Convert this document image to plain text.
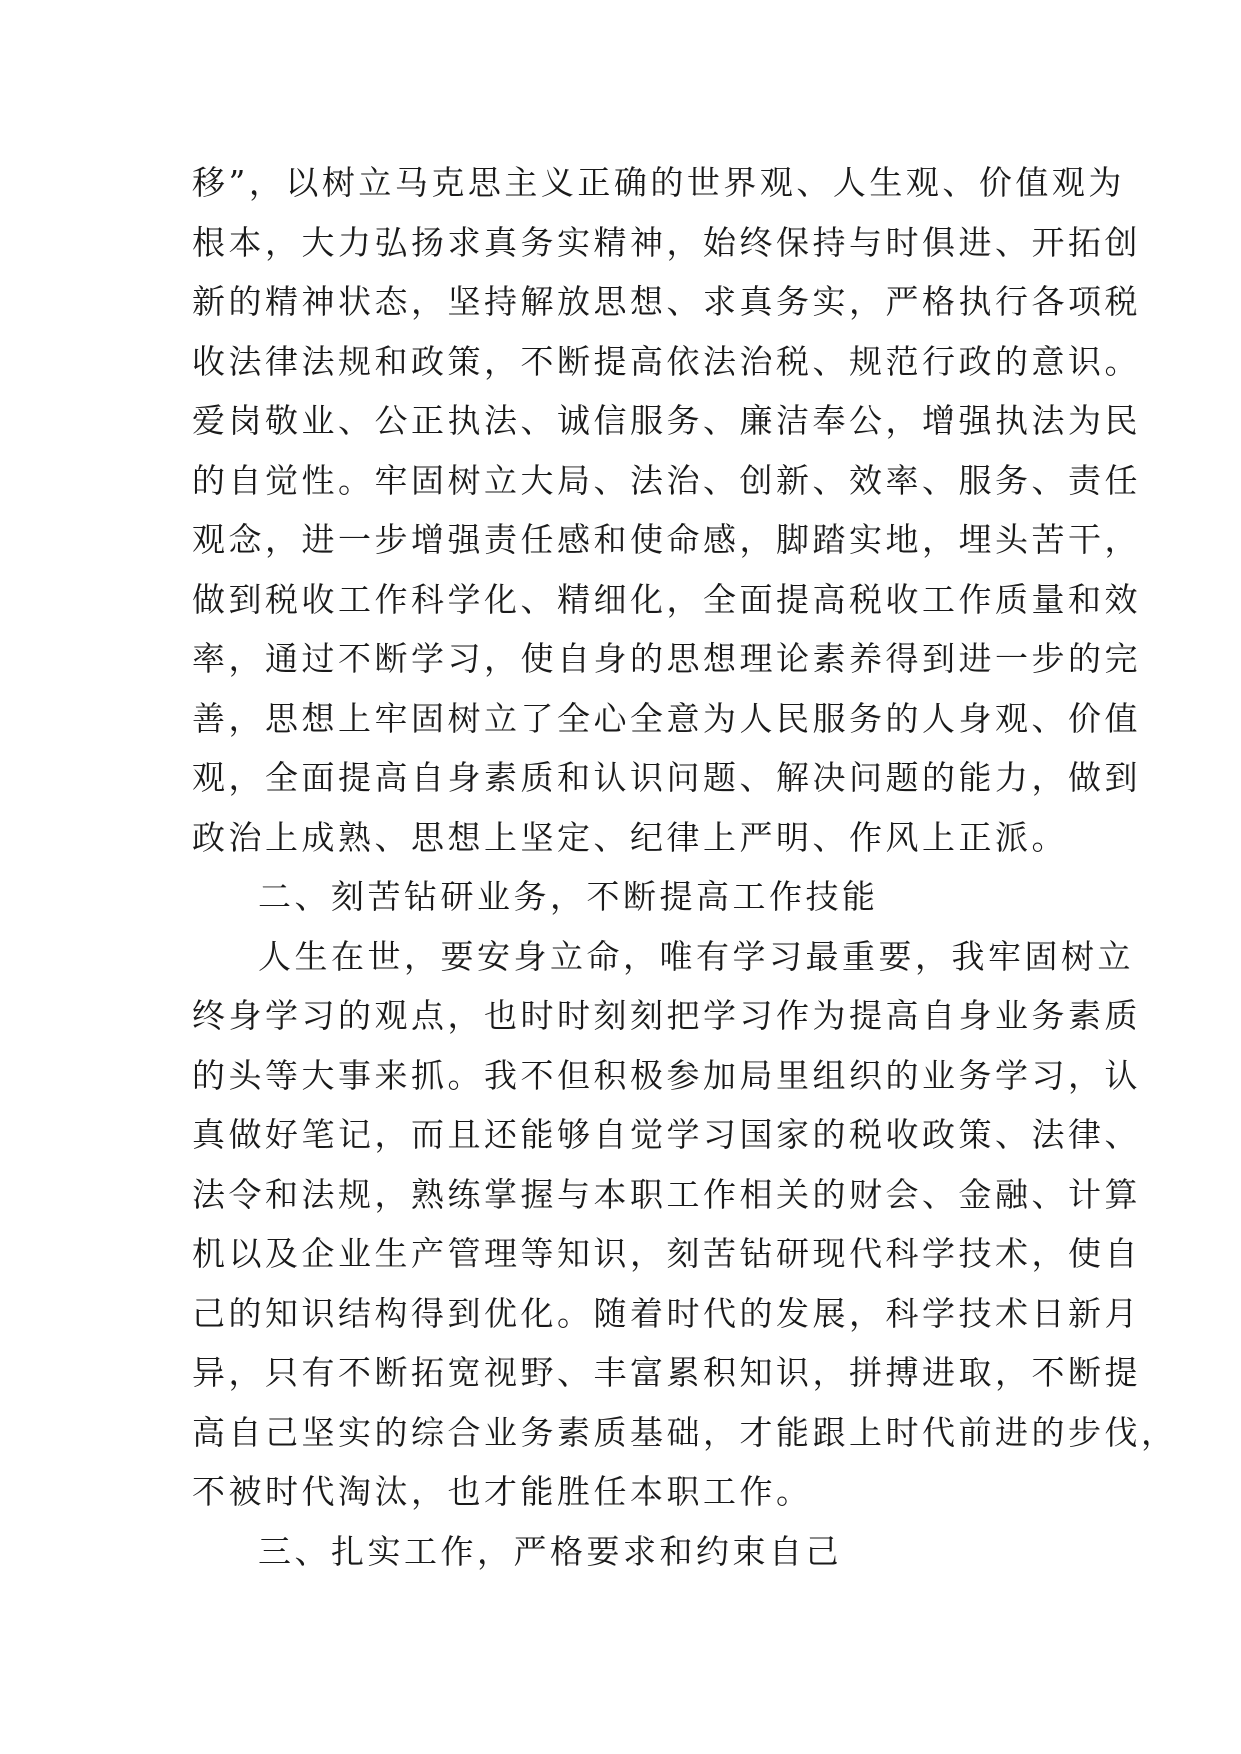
移”，以树立马克思主义正确的世界观、人生观、价值观为
根本，大力弘扬求真务实精神，始终保持与时俱进、开拓创
新的精神状态，坚持解放思想、求真务实，严格执行各项税
收法律法规和政策，不断提高依法治税、规范行政的意识。
爱岗敬业、公正执法、诚信服务、廉洁奉公，增强执法为民
的自觉性。牢固树立大局、法治、创新、效率、服务、责任
观念，进一步增强责任感和使命感，脚踏实地，埋头苦干，
做到税收工作科学化、精细化，全面提高税收工作质量和效
率，通过不断学习，使自身的思想理论素养得到进一步的完
善，思想上牢固树立了全心全意为人民服务的人身观、价值
观，全面提高自身素质和认识问题、解决问题的能力，做到
政治上成熟、思想上坚定、纪律上严明、作风上正派。
二、刻苦钻研业务，不断提高工作技能
人生在世，要安身立命，唯有学习最重要，我牢固树立
终身学习的观点，也时时刻刻把学习作为提高自身业务素质
的头等大事来抓。我不但积极参加局里组织的业务学习，认
真做好笔记，而且还能够自觉学习国家的税收政策、法律、
法令和法规，熟练掌握与本职工作相关的财会、金融、计算
机以及企业生产管理等知识，刻苦钻研现代科学技术，使自
己的知识结构得到优化。随着时代的发展，科学技术日新月
异，只有不断拓宽视野、丰富累积知识，拼搏进取，不断提
高自己坚实的综合业务素质基础，才能跟上时代前进的步伐，
不被时代淘汰，也才能胜任本职工作。
三、扎实工作，严格要求和约束自己
